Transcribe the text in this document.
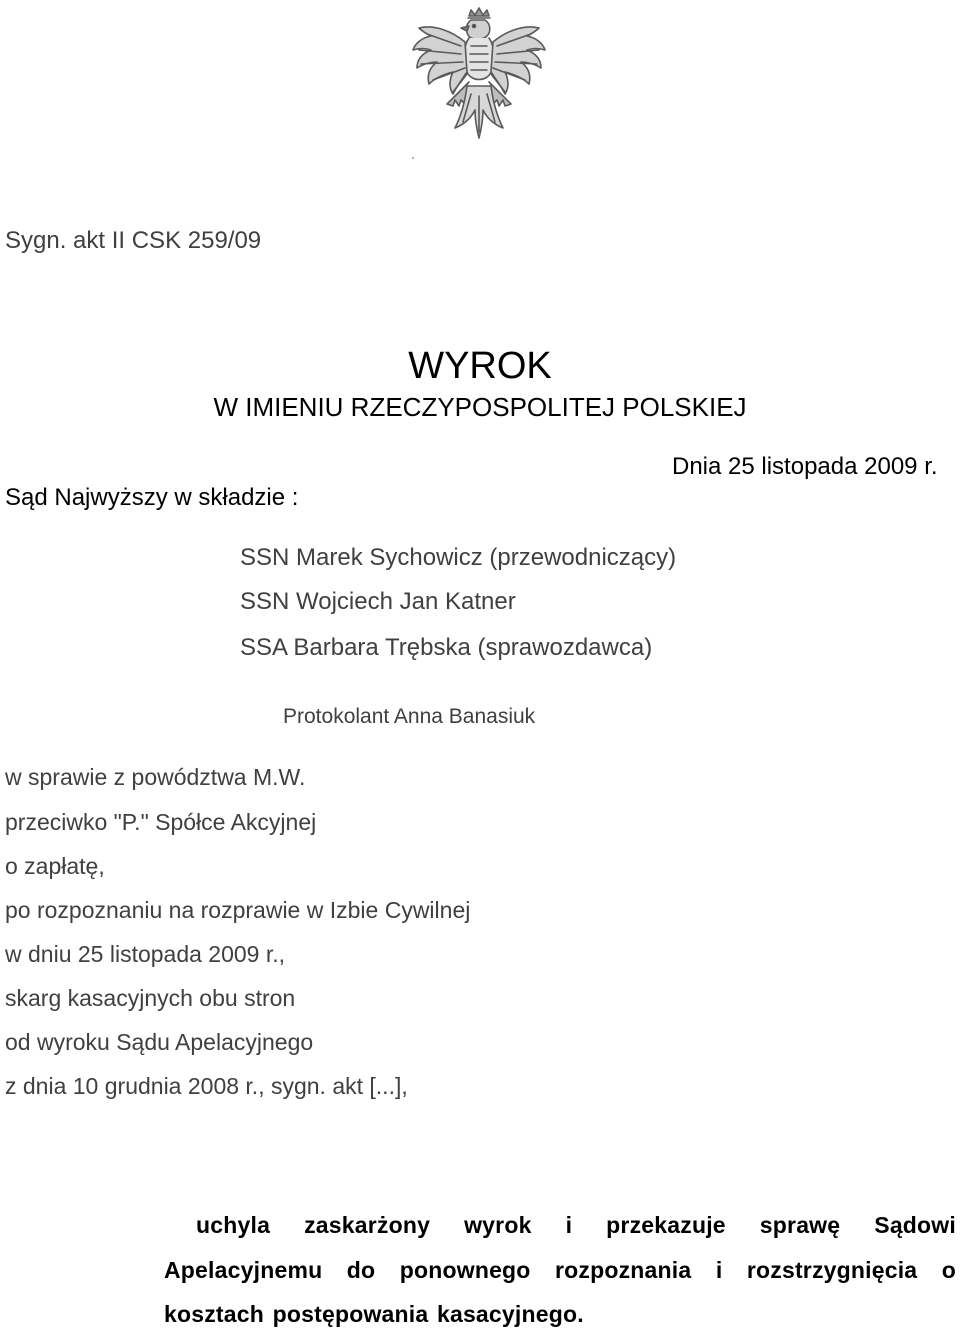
Sygn. akt II CSK 259/09
WYROK
W IMIENIU RZECZYPOSPOLITEJ POLSKIEJ
Dnia 25 listopada 2009 r.
Sąd Najwyższy w składzie :
SSN Marek Sychowicz (przewodniczący)
SSN Wojciech Jan Katner
SSA Barbara Trębska (sprawozdawca)
Protokolant Anna Banasiuk
w sprawie z powództwa M.W.
przeciwko "P." Spółce Akcyjnej
o zapłatę,
po rozpoznaniu na rozprawie w Izbie Cywilnej
w dniu 25 listopada 2009 r.,
skarg kasacyjnych obu stron
od wyroku Sądu Apelacyjnego
z dnia 10 grudnia 2008 r., sygn. akt [...],
uchyla zaskarżony wyrok i przekazuje sprawę Sądowi Apelacyjnemu do ponownego rozpoznania i rozstrzygnięcia o kosztach postępowania kasacyjnego.
